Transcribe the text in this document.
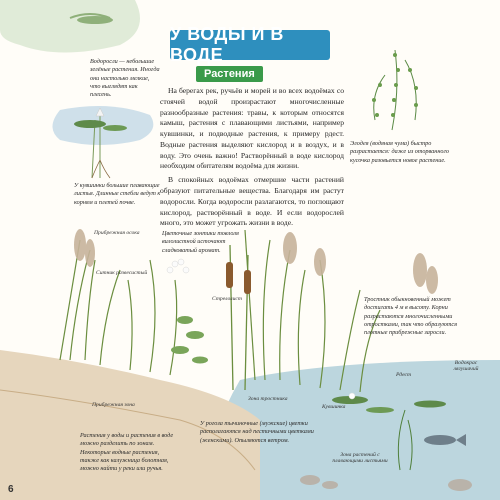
У ВОДЫ И В ВОДЕ
Растения

На берегах рек, ручьёв и морей и во всех водоёмах со стоячей водой произрастают многочисленные разнообразные растения: травы, к которым относятся камыш, растения с плавающими листьями, например кувшинки, и подводные растения, к примеру рдест. Водные растения выделяют кислород и в воздух, и в воду. Это очень важно! Растворённый в воде кислород необходим обитателям водоёма для жизни.

В спокойных водоёмах отмершие части растений образуют питательные вещества. Благодаря им растут водоросли. Когда водоросли разлагаются, то поглощают кислород, растворённый в воде. И если водорослей много, это может угрожать жизни в воде.

Водоросли — небольшие зелёные растения. Иногда они настолько мелкие, что выглядят как плесень.
У кувшинки большие плавающие листья. Длинные стебли ведут к корням и плетей почве.
Элодея (водяная чума) быстро разрастается: даже из оторванного кусочка разовьется новое растение.
Тростник обыкновенный может достигать 4 м в высоту. Корни разрастаются многочисленными отростками, так что образуются плотные прибрежные заросли.
Цветочные зонтики товлоля вилолистной источают сладковатый аромат.
У рогоза тычиночные (мужские) цветки располагаются над пестичными цветками (женскими). Опыляются ветром.
Растения у воды и растения в воде можно разделить по зонам. Некоторые водные растения, также как калужница болотная, можно найти у реки или ручья.
Прибрежная осока
Ситник развесистый
Стрелолист
Прибрежная зона
Зона тростника
Кувшинка
Рдест
Водокрас лягушачий
Зона растений с плавающими листьями
6
